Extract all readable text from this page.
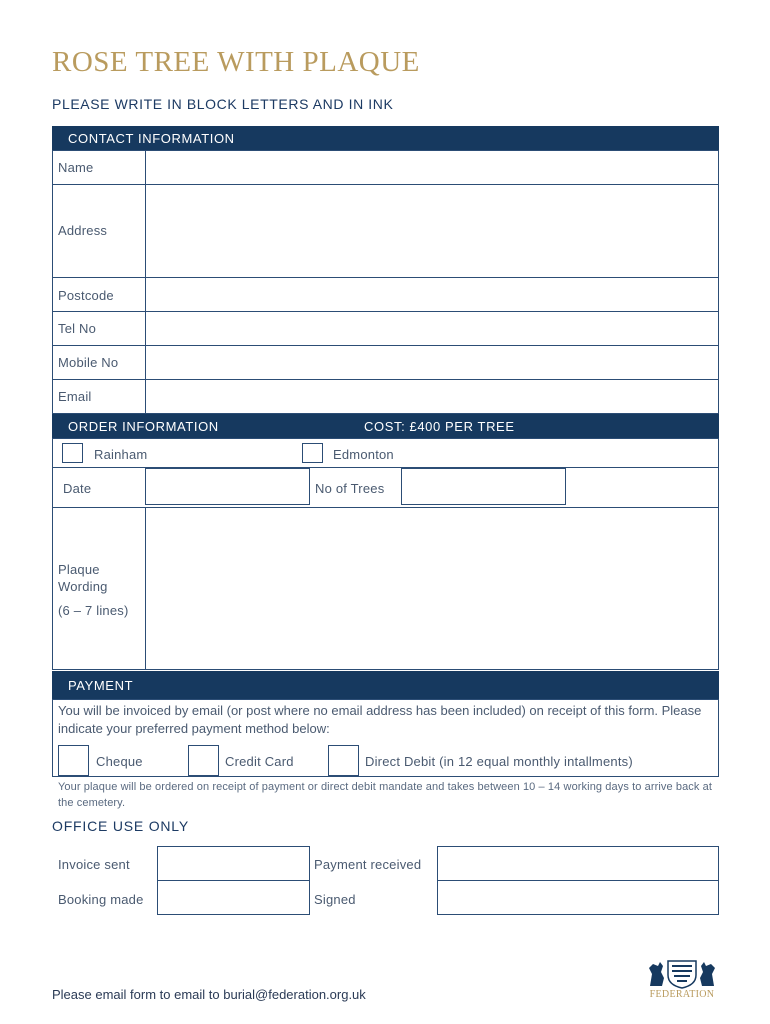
ROSE TREE WITH PLAQUE
PLEASE WRITE IN BLOCK LETTERS AND IN INK
CONTACT INFORMATION
Name
Address
Postcode
Tel No
Mobile No
Email
ORDER INFORMATION	COST: £400 PER TREE
Rainham	Edmonton
Date	No of Trees
Plaque
Wording
(6 – 7 lines)
PAYMENT
You will be invoiced by email (or post where no email address has been included) on receipt of this form. Please indicate your preferred payment method below:
Cheque	Credit Card	Direct Debit (in 12 equal monthly intallments)
Your plaque will be ordered on receipt of payment or direct debit mandate and takes between 10 – 14 working days to arrive back at the cemetery.
OFFICE USE ONLY
Invoice sent	Payment received
Booking made	Signed
Please email form to email to burial@federation.org.uk	FEDERATION
